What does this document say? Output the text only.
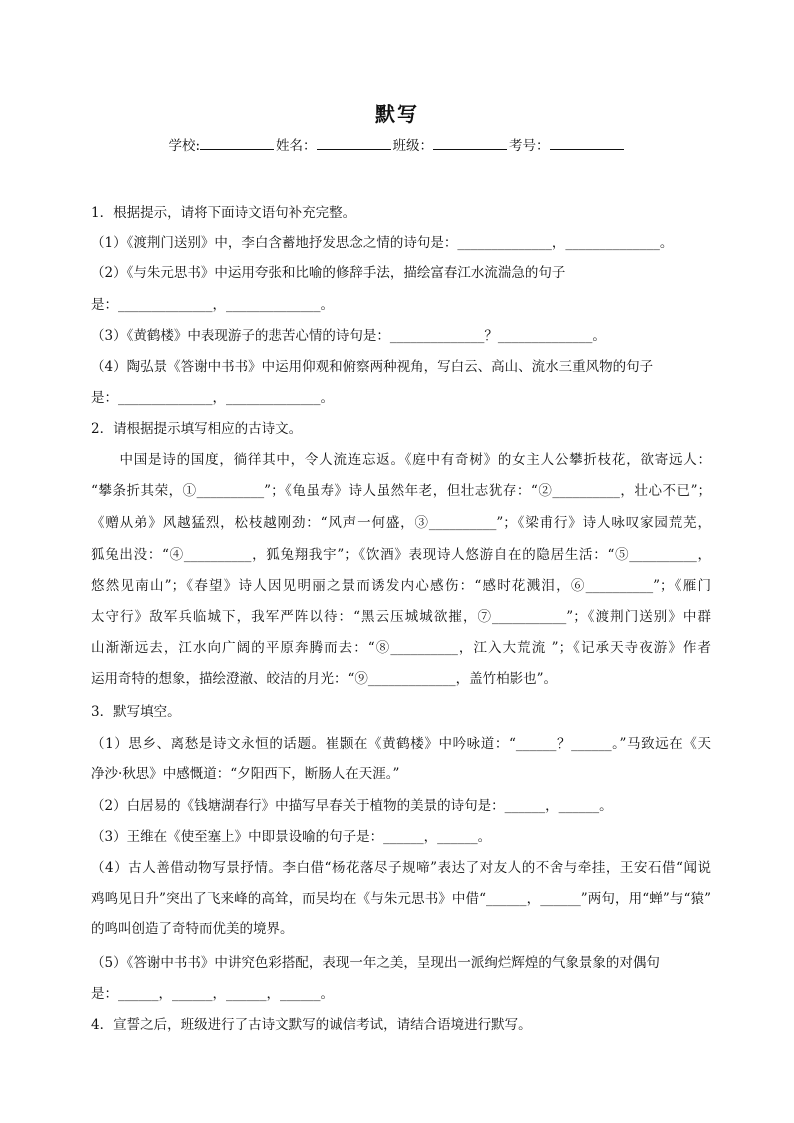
默写
学校:	姓名：	班级：	考号：
1．根据提示，请将下面诗文语句补充完整。
（1）《渡荆门送别》中，李白含蓄地抒发思念之情的诗句是：______________，______________。
（2）《与朱元思书》中运用夸张和比喻的修辞手法，描绘富春江水流湍急的句子
是：______________，______________。
（3）《黄鹤楼》中表现游子的悲苦心情的诗句是：______________？______________。
（4）陶弘景《答谢中书书》中运用仰观和俯察两种视角，写白云、高山、流水三重风物的句子
是：______________，______________。
2．请根据提示填写相应的古诗文。
　　中国是诗的国度，徜徉其中，令人流连忘返。《庭中有奇树》的女主人公攀折枝花，欲寄远人：
“攀条折其荣，①__________”；《龟虽寿》诗人虽然年老，但壮志犹存：“②__________，壮心不已”；
《赠从弟》风越猛烈，松枝越刚劲：“风声一何盛，③__________”；《梁甫行》诗人咏叹家园荒芜，
狐兔出没：“④__________，狐兔翔我宇”；《饮酒》表现诗人悠游自在的隐居生活：“⑤__________，
悠然见南山”；《春望》诗人因见明丽之景而诱发内心感伤：“感时花溅泪，⑥__________”；《雁门
太守行》敌军兵临城下，我军严阵以待：“黑云压城城欲摧，⑦___________”；《渡荆门送别》中群
山渐渐远去，江水向广阔的平原奔腾而去：“⑧__________，江入大荒流 ”；《记承天寺夜游》作者
运用奇特的想象，描绘澄澈、皎洁的月光：“⑨_____________，盖竹柏影也”。
3．默写填空。
（1）思乡、离愁是诗文永恒的话题。崔颢在《黄鹤楼》中吟咏道：“______？______。”马致远在《天
净沙·秋思》中感慨道：“夕阳西下，断肠人在天涯。”
（2）白居易的《钱塘湖春行》中描写早春关于植物的美景的诗句是：______，______。
（3）王维在《使至塞上》中即景设喻的句子是：______，______。
（4）古人善借动物写景抒情。李白借“杨花落尽子规啼”表达了对友人的不舍与牵挂，王安石借“闻说
鸡鸣见日升”突出了飞来峰的高耸，而吴均在《与朱元思书》中借“______，______”两句，用“蝉”与“猿”
的鸣叫创造了奇特而优美的境界。
（5）《答谢中书书》中讲究色彩搭配，表现一年之美，呈现出一派绚烂辉煌的气象景象的对偶句
是：______，______，______，______。
4．宣誓之后，班级进行了古诗文默写的诚信考试，请结合语境进行默写。
